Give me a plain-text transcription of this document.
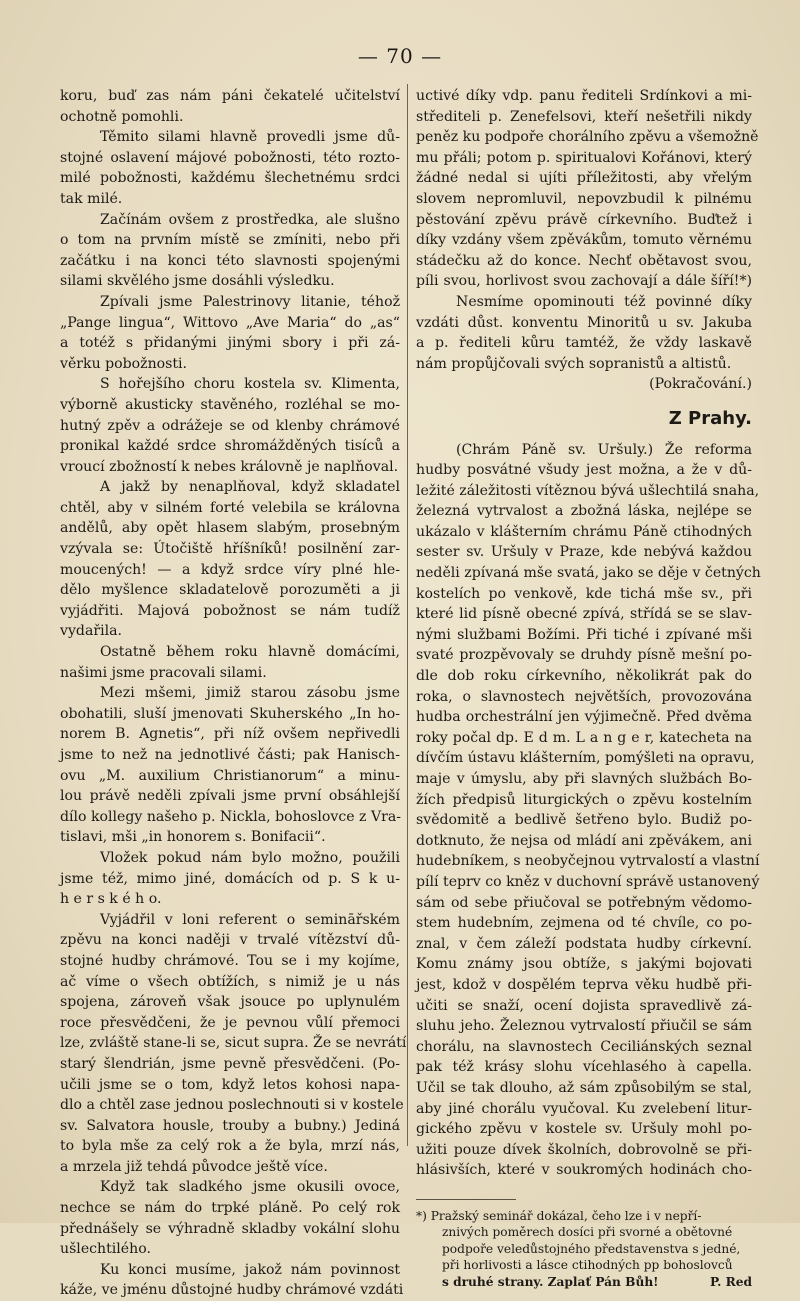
— 70 —
koru, buď zas nám páni čekatelé učitelství
ochotně pomohli.
Těmito silami hlavně provedli jsme dů-
stojné oslavení májové pobožnosti, této rozto-
milé pobožnosti, každému šlechetnému srdci
tak milé.
Začínám ovšem z prostředka, ale slušno
o tom na prvním místě se zmíniti, nebo při
začátku i na konci této slavnosti spojenými
silami skvělého jsme dosáhli výsledku.
Zpívali jsme Palestrinovy litanie, téhož
„Pange lingua“, Wittovo „Ave Maria“ do „as“
a totéž s přidanými jinými sbory i při zá-
věrku pobožnosti.
S hořejšího choru kostela sv. Klimenta,
výborně akusticky stavěného, rozléhal se mo-
hutný zpěv a odrážeje se od klenby chrámové
pronikal každé srdce shromážděných tisíců a
vroucí zbožností k nebes královně je naplňoval.
A jakž by nenaplňoval, když skladatel
chtěl, aby v silném forté velebila se královna
andělů, aby opět hlasem slabým, prosebným
vzývala se: Útočiště hříšníků! posilnění zar-
moucených! — a když srdce víry plné hle-
dělo myšlence skladatelově porozuměti a ji
vyjádřiti. Majová pobožnost se nám tudíž
vydařila.
Ostatně během roku hlavně domácími,
našimi jsme pracovali silami.
Mezi mšemi, jimiž starou zásobu jsme
obohatili, sluší jmenovati Skuherského „In ho-
norem B. Agnetis“, při níž ovšem nepřivedli
jsme to než na jednotlivé části; pak Hanisch-
ovu „M. auxilium Christianorum“ a minu-
lou právě neděli zpívali jsme první obsáhlejší
dílo kollegy našeho p. Nickla, bohoslovce z Vra-
tislavi, mši „in honorem s. Bonifacii“.
Vložek pokud nám bylo možno, použili
jsme též, mimo jiné, domácích od p. S k u-
h e r s k é h o.
Vyjádřil v loni referent o semināřském
zpěvu na konci naději v trvalé vítězství dů-
stojné hudby chrámové. Tou se i my kojíme,
ač víme o všech obtížích, s nimiž je u nás
spojena, zároveň však jsouce po uplynulém
roce přesvědčeni, že je pevnou vůlí přemoci
lze, zvláště stane-li se, sicut supra. Že se nevrátí
starý šlendrián, jsme pevně přesvědčeni. (Po-
učili jsme se o tom, když letos kohosi napa-
dlo a chtěl zase jednou poslechnouti si v kostele
sv. Salvatora housle, trouby a bubny.) Jediná
to byla mše za celý rok a že byla, mrzí nás,
a mrzela již tehdá původce ještě více.
Když tak sladkého jsme okusili ovoce,
nechce se nám do trpké pláně. Po celý rok
přednášely se výhradně skladby vokální slohu
ušlechtilého.
Ku konci musíme, jakož nám povinnost
káže, ve jménu důstojné hudby chrámové vzdáti
uctivé díky vdp. panu řediteli Srdínkovi a mi-
střediteli p. Zenefelsovi, kteří nešetřili nikdy
peněz ku podpoře chorálního zpěvu a všemožně
mu přáli; potom p. spiritualovi Kořánovi, který
žádné nedal si ujíti příležitosti, aby vřelým
slovem nepromluvil, nepovzbudil k pilnému
pěstování zpěvu právě církevního. Buďtež i
díky vzdány všem zpěvákům, tomuto věrnému
stádečku až do konce. Nechť obětavost svou,
píli svou, horlivost svou zachovají a dále šíří!*)
Nesmíme opominouti též povinné díky
vzdáti důst. konventu Minoritů u sv. Jakuba
a p. řediteli kůru tamtéž, že vždy laskavě
nám propůjčovali svých sopranistů a altistů.
(Pokračování.)
Z Prahy.
(Chrám Páně sv. Uršuly.) Že reforma
hudby posvátné všudy jest možna, a že v dů-
ležité záležitosti vítěznou bývá ušlechtilá snaha,
železná vytrvalost a zbožná láska, nejlépe se
ukázalo v klášterním chrámu Páně ctihodných
sester sv. Uršuly v Praze, kde nebývá každou
neděli zpívaná mše svatá, jako se děje v četných
kostelích po venkově, kde tichá mše sv., při
které lid písně obecné zpívá, střídá se se slav-
nými službami Božími. Při tiché i zpívané mši
svaté prozpěvovaly se druhdy písně mešní po-
dle dob roku církevního, několikrát pak do
roka, o slavnostech největších, provozována
hudba orchestrální jen výjimečně. Před dvěma
roky počal dp. E d m. L a n g e r, katecheta na
dívčím ústavu klášterním, pomýšleti na opravu,
maje v úmyslu, aby při slavných službách Bo-
žích předpisů liturgických o zpěvu kostelním
svědomitě a bedlivě šetřeno bylo. Budiž po-
dotknuto, že nejsa od mládí ani zpěvákem, ani
hudebníkem, s neobyčejnou vytrvalostí a vlastní
pílí teprv co kněz v duchovní správě ustanovený
sám od sebe přiučoval se potřebným vědomo-
stem hudebním, zejmena od té chvíle, co po-
znal, v čem záleží podstata hudby církevní.
Komu známy jsou obtíže, s jakými bojovati
jest, kdož v dospělém teprva věku hudbě při-
učiti se snaží, ocení dojista spravedlivě zá-
sluhu jeho. Železnou vytrvalostí přiučil se sám
chorálu, na slavnostech Ceciliánských seznal
pak též krásy slohu vícehlasého à capella.
Učil se tak dlouho, až sám způsobilým se stal,
aby jiné chorálu vyučoval. Ku zvelebení litur-
gického zpěvu v kostele sv. Uršuly mohl po-
užiti pouze dívek školních, dobrovolně se při-
hlásivších, které v soukromých hodinách cho-
*) Pražský seminář dokázal, čeho lze i v nepří-
znivých poměrech dosíci při svorné a obětovné
podpoře veledůstojného představenstva s jedné,
při horlivosti a lásce ctihodných pp bohoslovců
s druhé strany. Zaplať Pán Bůh!	P. Red
